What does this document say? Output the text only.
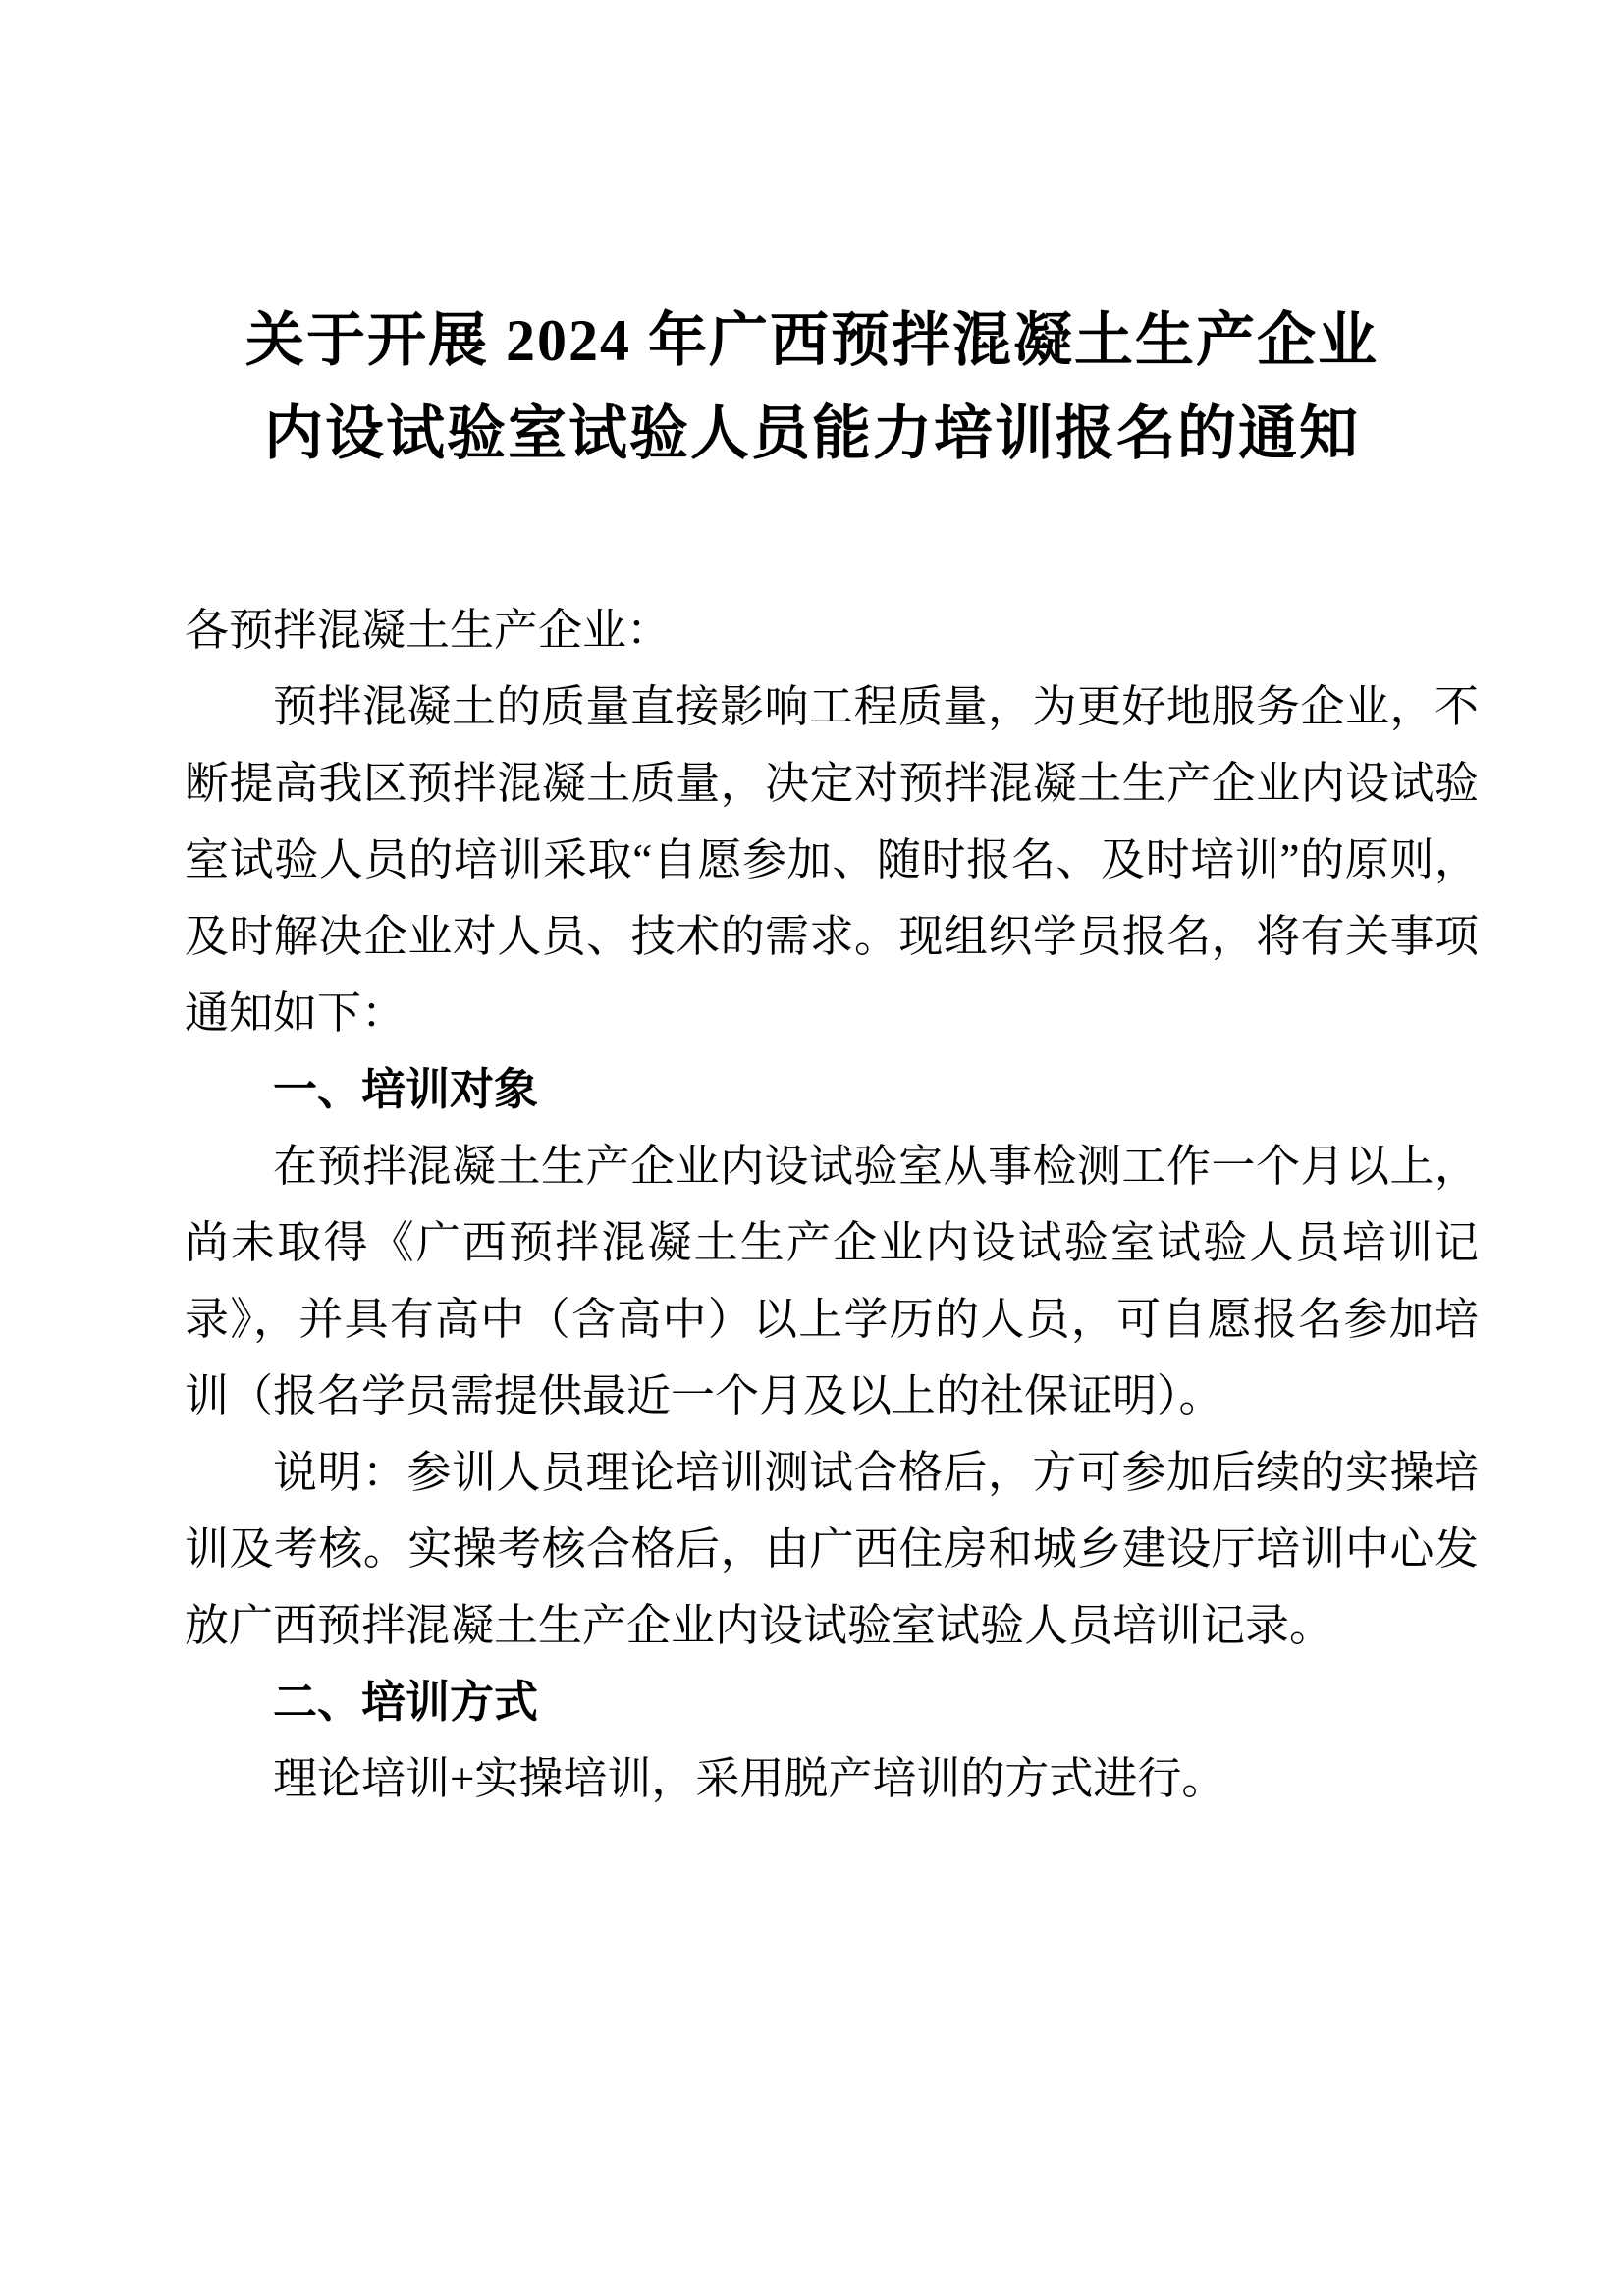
关于开展 2024 年广西预拌混凝土生产企业
内设试验室试验人员能力培训报名的通知

各预拌混凝土生产企业：

预拌混凝土的质量直接影响工程质量，为更好地服务企业，不断提高我区预拌混凝土质量，决定对预拌混凝土生产企业内设试验室试验人员的培训采取“自愿参加、随时报名、及时培训”的原则，及时解决企业对人员、技术的需求。现组织学员报名，将有关事项通知如下：

一、培训对象

在预拌混凝土生产企业内设试验室从事检测工作一个月以上，尚未取得《广西预拌混凝土生产企业内设试验室试验人员培训记录》，并具有高中（含高中）以上学历的人员，可自愿报名参加培训（报名学员需提供最近一个月及以上的社保证明）。

说明：参训人员理论培训测试合格后，方可参加后续的实操培训及考核。实操考核合格后，由广西住房和城乡建设厅培训中心发放广西预拌混凝土生产企业内设试验室试验人员培训记录。

二、培训方式

理论培训+实操培训，采用脱产培训的方式进行。
